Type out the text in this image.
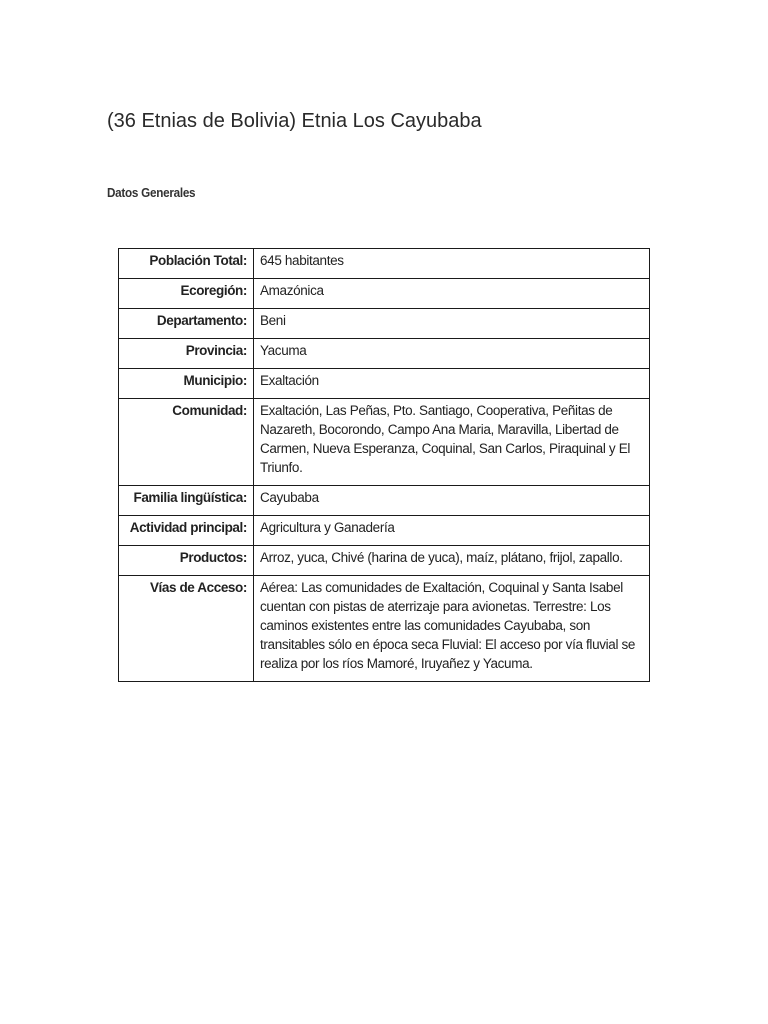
(36 Etnias de Bolivia) Etnia Los Cayubaba
Datos Generales
Población Total:	645 habitantes
Ecoregión:	Amazónica
Departamento:	Beni
Provincia:	Yacuma
Municipio:	Exaltación
Comunidad:	Exaltación, Las Peñas, Pto. Santiago, Cooperativa, Peñitas de Nazareth, Bocorondo, Campo Ana Maria, Maravilla, Libertad de Carmen, Nueva Esperanza, Coquinal, San Carlos, Piraquinal y El Triunfo.
Familia lingüística:	Cayubaba
Actividad principal:	Agricultura y Ganadería
Productos:	Arroz, yuca, Chivé (harina de yuca), maíz, plátano, frijol, zapallo.
Vías de Acceso:	Aérea: Las comunidades de Exaltación, Coquinal y Santa Isabel cuentan con pistas de aterrizaje para avionetas. Terrestre: Los caminos existentes entre las comunidades Cayubaba, son transitables sólo en época seca Fluvial: El acceso por vía fluvial se realiza por los ríos Mamoré, Iruyañez y Yacuma.
